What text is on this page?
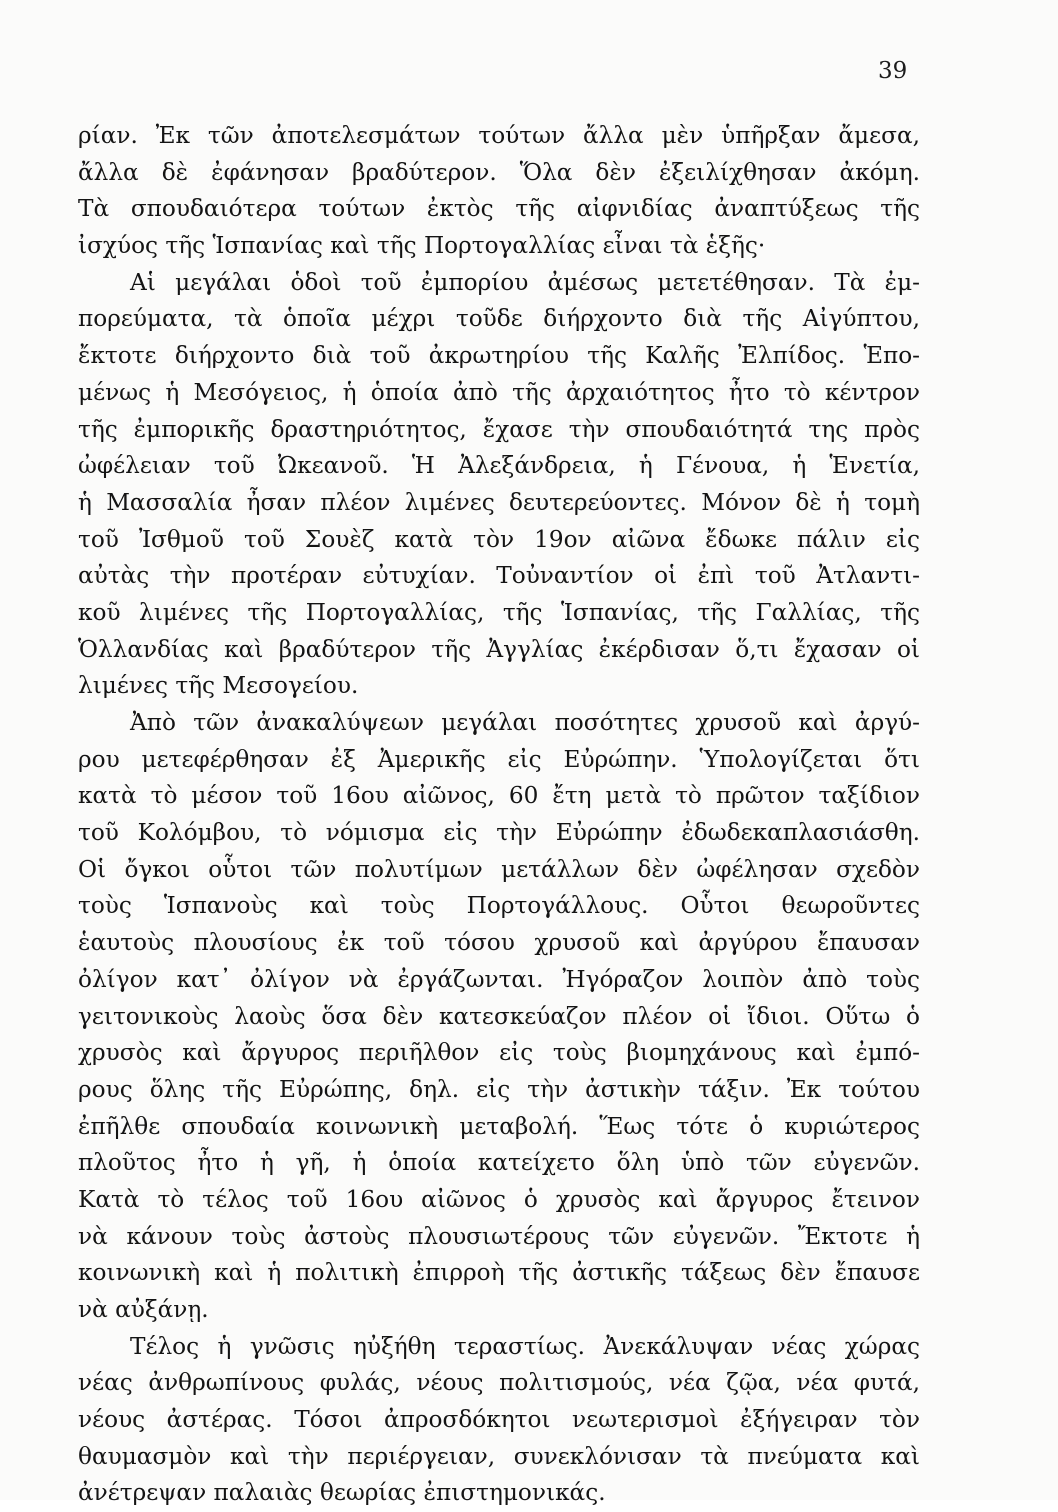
39
ρίαν. Ἐκ τῶν ἀποτελεσμάτων τούτων ἄλλα μὲν ὑπῆρξαν ἄμεσα,
ἄλλα δὲ ἐφάνησαν βραδύτερον. Ὅλα δὲν ἐξειλίχθησαν ἀκόμη.
Τὰ σπουδαιότερα τούτων ἐκτὸς τῆς αἰφνιδίας ἀναπτύξεως τῆς
ἰσχύος τῆς Ἱσπανίας καὶ τῆς Πορτογαλλίας εἶναι τὰ ἑξῆς·
Αἱ μεγάλαι ὁδοὶ τοῦ ἐμπορίου ἀμέσως μετετέθησαν. Τὰ ἐμ-
πορεύματα, τὰ ὁποῖα μέχρι τοῦδε διήρχοντο διὰ τῆς Αἰγύπτου,
ἔκτοτε διήρχοντο διὰ τοῦ ἀκρωτηρίου τῆς Καλῆς Ἐλπίδος. Ἑπο-
μένως ἡ Μεσόγειος, ἡ ὁποία ἀπὸ τῆς ἀρχαιότητος ἦτο τὸ κέντρον
τῆς ἐμπορικῆς δραστηριότητος, ἔχασε τὴν σπουδαιότητά της πρὸς
ὠφέλειαν τοῦ Ὠκεανοῦ. Ἡ Ἀλεξάνδρεια, ἡ Γένουα, ἡ Ἑνετία,
ἡ Μασσαλία ἦσαν πλέον λιμένες δευτερεύοντες. Μόνον δὲ ἡ τομὴ
τοῦ Ἰσθμοῦ τοῦ Σουὲζ κατὰ τὸν 19ον αἰῶνα ἔδωκε πάλιν εἰς
αὐτὰς τὴν προτέραν εὐτυχίαν. Τοὐναντίον οἱ ἐπὶ τοῦ Ἀτλαντι-
κοῦ λιμένες τῆς Πορτογαλλίας, τῆς Ἱσπανίας, τῆς Γαλλίας, τῆς
Ὁλλανδίας καὶ βραδύτερον τῆς Ἀγγλίας ἐκέρδισαν ὅ,τι ἔχασαν οἱ
λιμένες τῆς Μεσογείου.
Ἀπὸ τῶν ἀνακαλύψεων μεγάλαι ποσότητες χρυσοῦ καὶ ἀργύ-
ρου μετεφέρθησαν ἐξ Ἀμερικῆς εἰς Εὐρώπην. Ὑπολογίζεται ὅτι
κατὰ τὸ μέσον τοῦ 16ου αἰῶνος, 60 ἔτη μετὰ τὸ πρῶτον ταξίδιον
τοῦ Κολόμβου, τὸ νόμισμα εἰς τὴν Εὐρώπην ἐδωδεκαπλασιάσθη.
Οἱ ὄγκοι οὗτοι τῶν πολυτίμων μετάλλων δὲν ὠφέλησαν σχεδὸν
τοὺς Ἱσπανοὺς καὶ τοὺς Πορτογάλλους. Οὗτοι θεωροῦντες
ἑαυτοὺς πλουσίους ἐκ τοῦ τόσου χρυσοῦ καὶ ἀργύρου ἔπαυσαν
ὀλίγον κατ᾽ ὀλίγον νὰ ἐργάζωνται. Ἠγόραζον λοιπὸν ἀπὸ τοὺς
γειτονικοὺς λαοὺς ὅσα δὲν κατεσκεύαζον πλέον οἱ ἴδιοι. Οὕτω ὁ
χρυσὸς καὶ ἄργυρος περιῆλθον εἰς τοὺς βιομηχάνους καὶ ἐμπό-
ρους ὅλης τῆς Εὐρώπης, δηλ. εἰς τὴν ἀστικὴν τάξιν. Ἐκ τούτου
ἐπῆλθε σπουδαία κοινωνικὴ μεταβολή. Ἕως τότε ὁ κυριώτερος
πλοῦτος ἦτο ἡ γῆ, ἡ ὁποία κατείχετο ὅλη ὑπὸ τῶν εὐγενῶν.
Κατὰ τὸ τέλος τοῦ 16ου αἰῶνος ὁ χρυσὸς καὶ ἄργυρος ἔτεινον
νὰ κάνουν τοὺς ἀστοὺς πλουσιωτέρους τῶν εὐγενῶν. Ἔκτοτε ἡ
κοινωνικὴ καὶ ἡ πολιτικὴ ἐπιρροὴ τῆς ἀστικῆς τάξεως δὲν ἔπαυσε
νὰ αὐξάνῃ.
Τέλος ἡ γνῶσις ηὐξήθη τεραστίως. Ἀνεκάλυψαν νέας χώρας
νέας ἀνθρωπίνους φυλάς, νέους πολιτισμούς, νέα ζῷα, νέα φυτά,
νέους ἀστέρας. Τόσοι ἀπροσδόκητοι νεωτερισμοὶ ἐξήγειραν τὸν
θαυμασμὸν καὶ τὴν περιέργειαν, συνεκλόνισαν τὰ πνεύματα καὶ
ἀνέτρεψαν παλαιὰς θεωρίας ἐπιστημονικάς.
